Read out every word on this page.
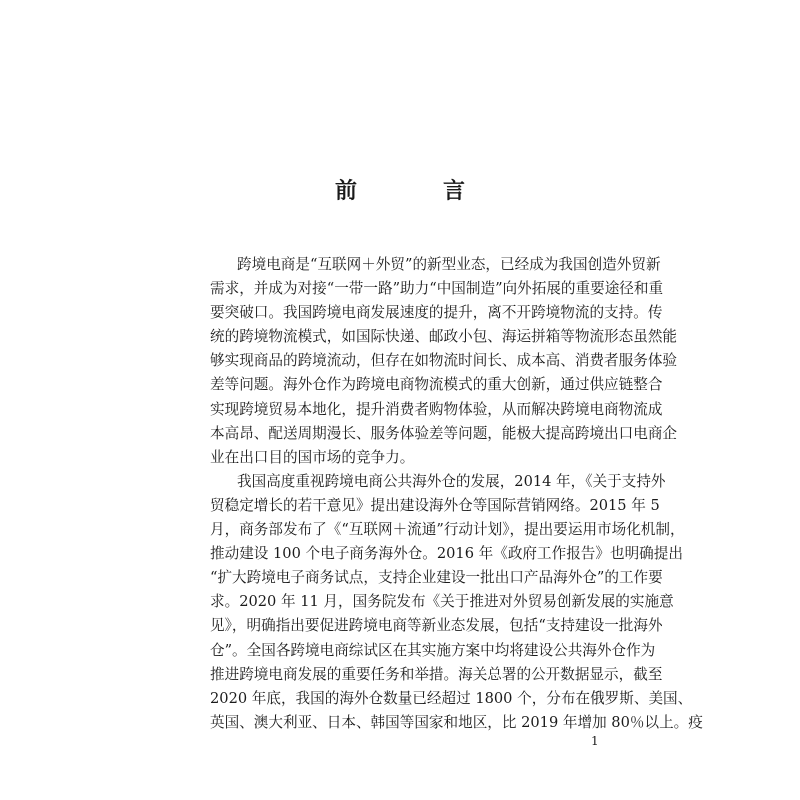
前　言
跨境电商是“互联网＋外贸”的新型业态，已经成为我国创造外贸新
需求，并成为对接“一带一路”助力“中国制造”向外拓展的重要途径和重
要突破口。我国跨境电商发展速度的提升，离不开跨境物流的支持。传
统的跨境物流模式，如国际快递、邮政小包、海运拼箱等物流形态虽然能
够实现商品的跨境流动，但存在如物流时间长、成本高、消费者服务体验
差等问题。海外仓作为跨境电商物流模式的重大创新，通过供应链整合
实现跨境贸易本地化，提升消费者购物体验，从而解决跨境电商物流成
本高昂、配送周期漫长、服务体验差等问题，能极大提高跨境出口电商企
业在出口目的国市场的竞争力。
我国高度重视跨境电商公共海外仓的发展，2014 年，《关于支持外
贸稳定增长的若干意见》提出建设海外仓等国际营销网络。2015 年 5
月，商务部发布了《“互联网＋流通”行动计划》，提出要运用市场化机制，
推动建设 100 个电子商务海外仓。2016 年《政府工作报告》也明确提出
“扩大跨境电子商务试点，支持企业建设一批出口产品海外仓”的工作要
求。2020 年 11 月，国务院发布《关于推进对外贸易创新发展的实施意
见》，明确指出要促进跨境电商等新业态发展，包括“支持建设一批海外
仓”。全国各跨境电商综试区在其实施方案中均将建设公共海外仓作为
推进跨境电商发展的重要任务和举措。海关总署的公开数据显示，截至
2020 年底，我国的海外仓数量已经超过 1800 个，分布在俄罗斯、美国、
英国、澳大利亚、日本、韩国等国家和地区，比 2019 年增加 80％以上。疫
1
